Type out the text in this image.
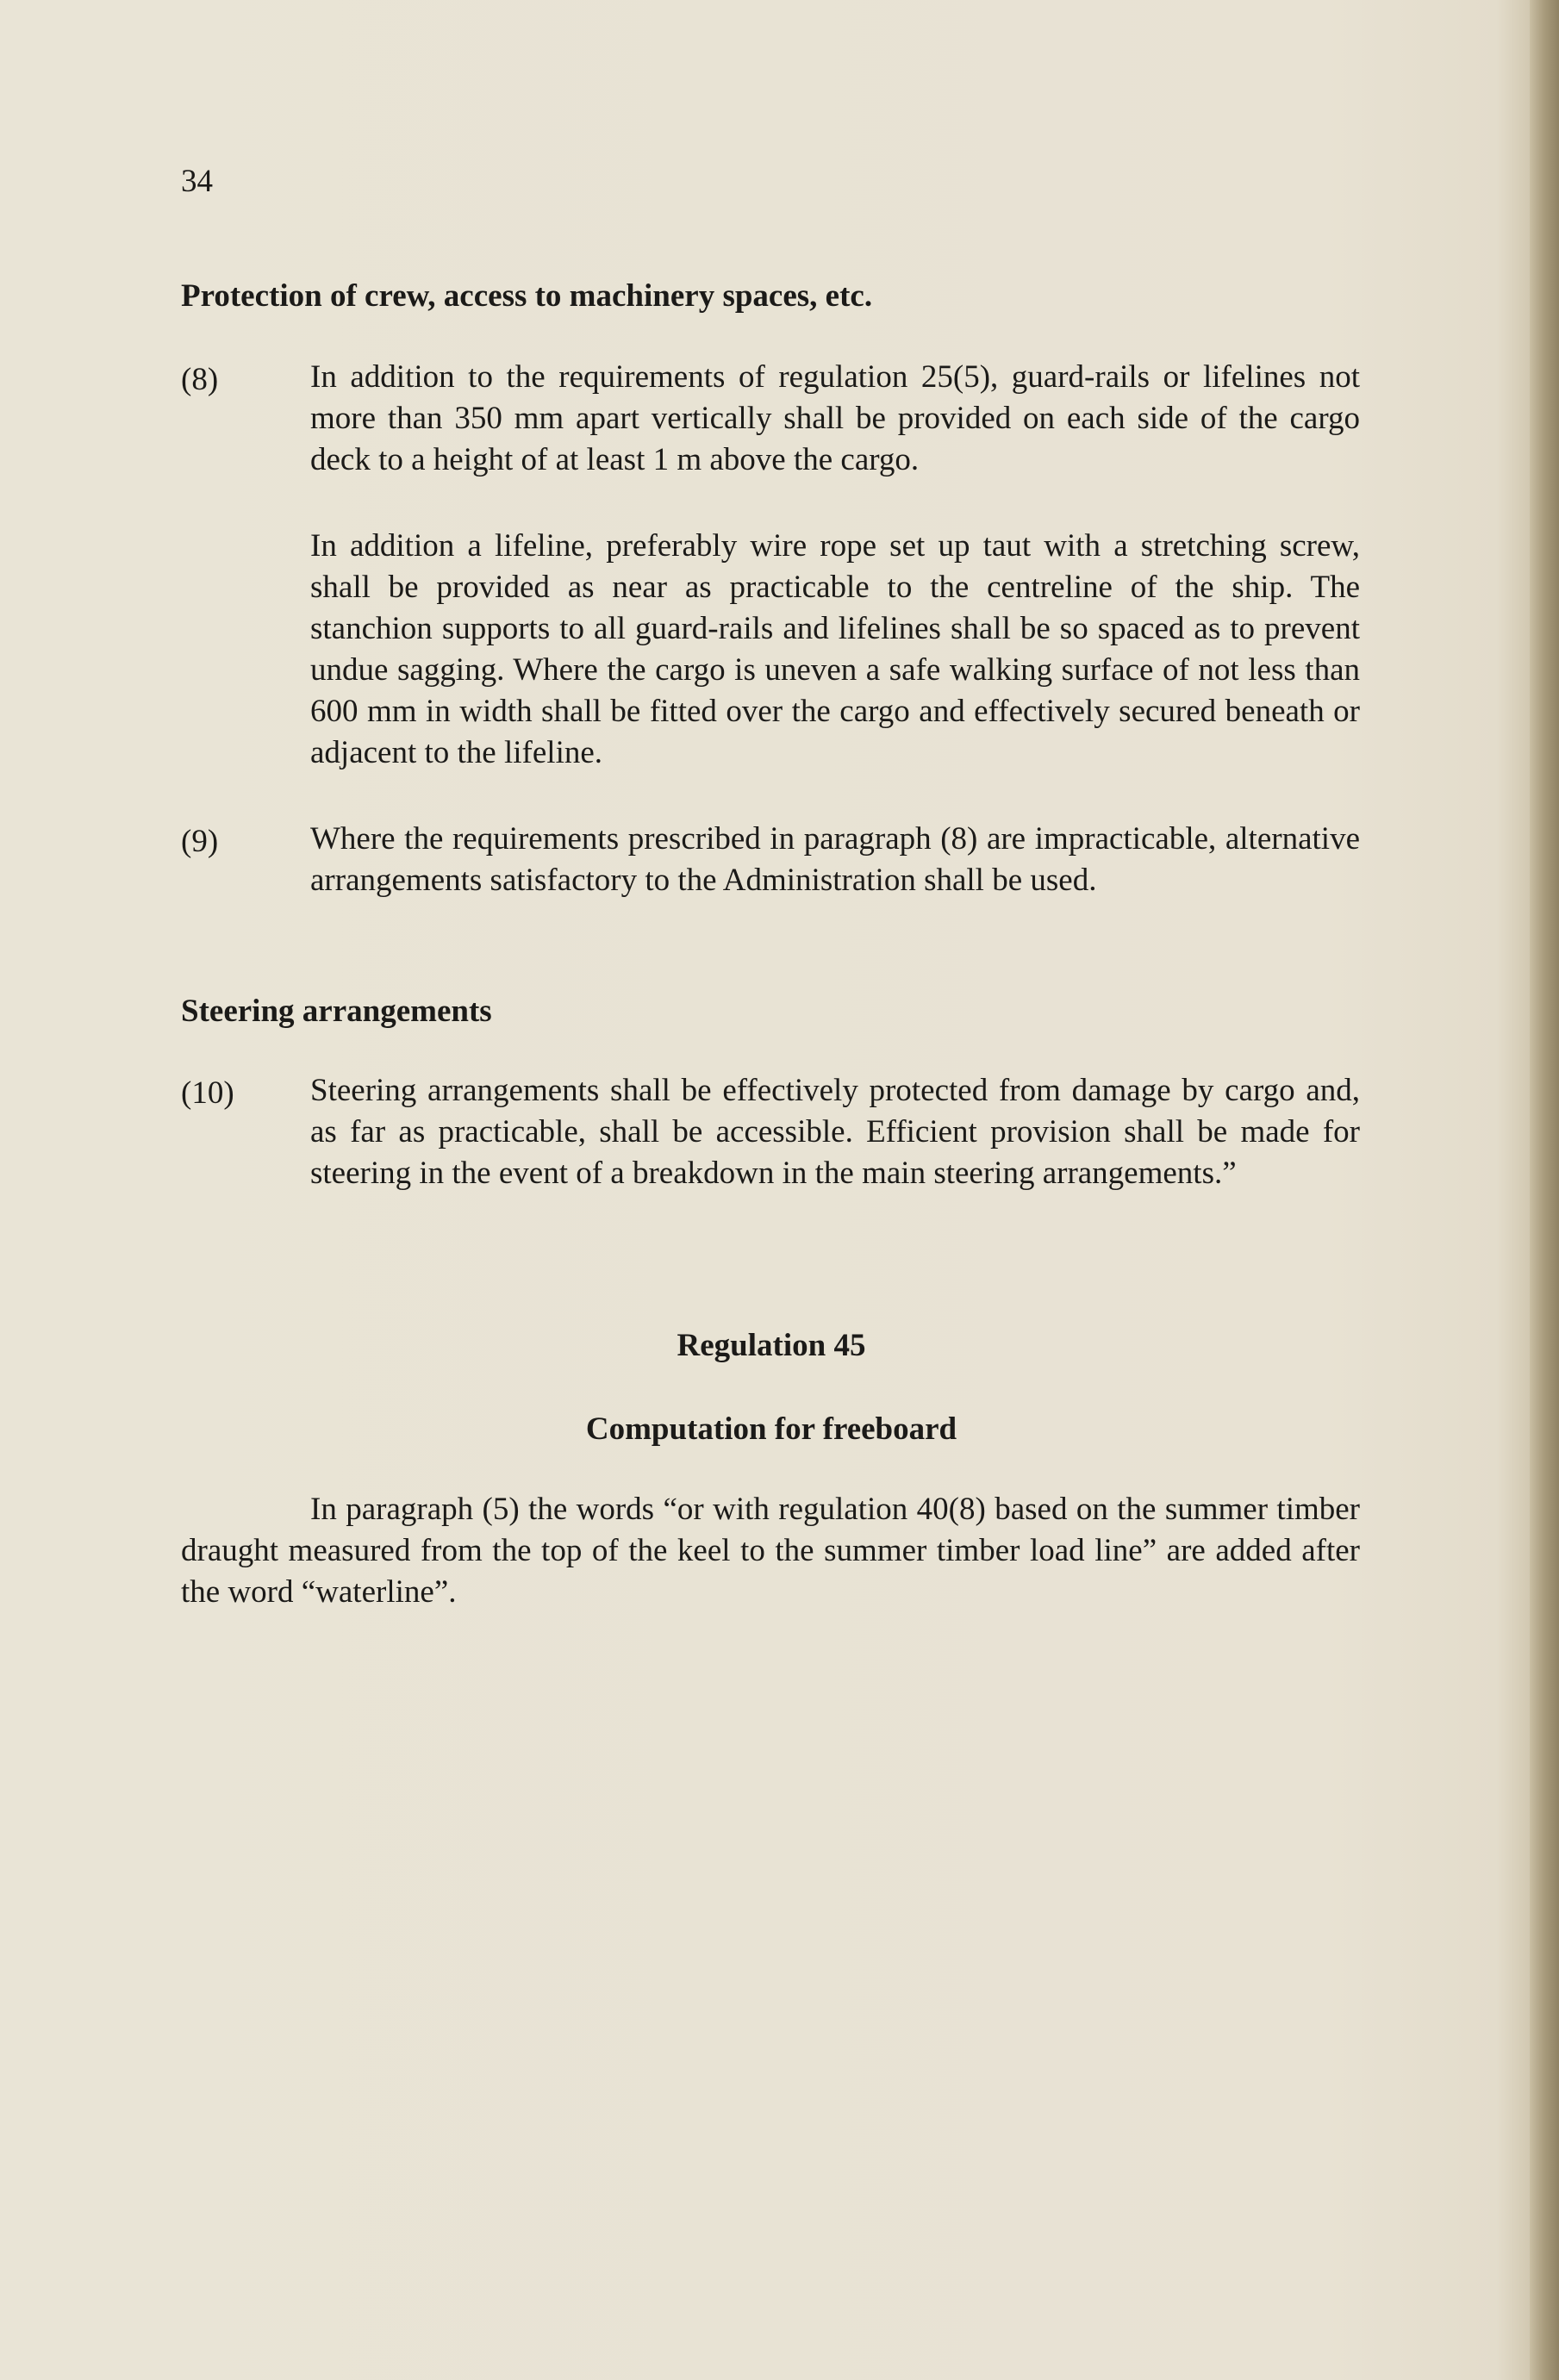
34
Protection of crew, access to machinery spaces, etc.
(8)	In addition to the requirements of regulation 25(5), guard-rails or lifelines not more than 350 mm apart vertically shall be provided on each side of the cargo deck to a height of at least 1 m above the cargo.
In addition a lifeline, preferably wire rope set up taut with a stretching screw, shall be provided as near as practicable to the centreline of the ship. The stanchion supports to all guard-rails and lifelines shall be so spaced as to prevent undue sagging. Where the cargo is uneven a safe walking surface of not less than 600 mm in width shall be fitted over the cargo and effectively secured beneath or adjacent to the lifeline.
(9)	Where the requirements prescribed in paragraph (8) are impracticable, alternative arrangements satisfactory to the Administration shall be used.
Steering arrangements
(10) Steering arrangements shall be effectively protected from damage by cargo and, as far as practicable, shall be accessible. Efficient provision shall be made for steering in the event of a breakdown in the main steering arrangements.”
Regulation 45
Computation for freeboard
In paragraph (5) the words “or with regulation 40(8) based on the summer timber draught measured from the top of the keel to the summer timber load line” are added after the word “waterline”.
